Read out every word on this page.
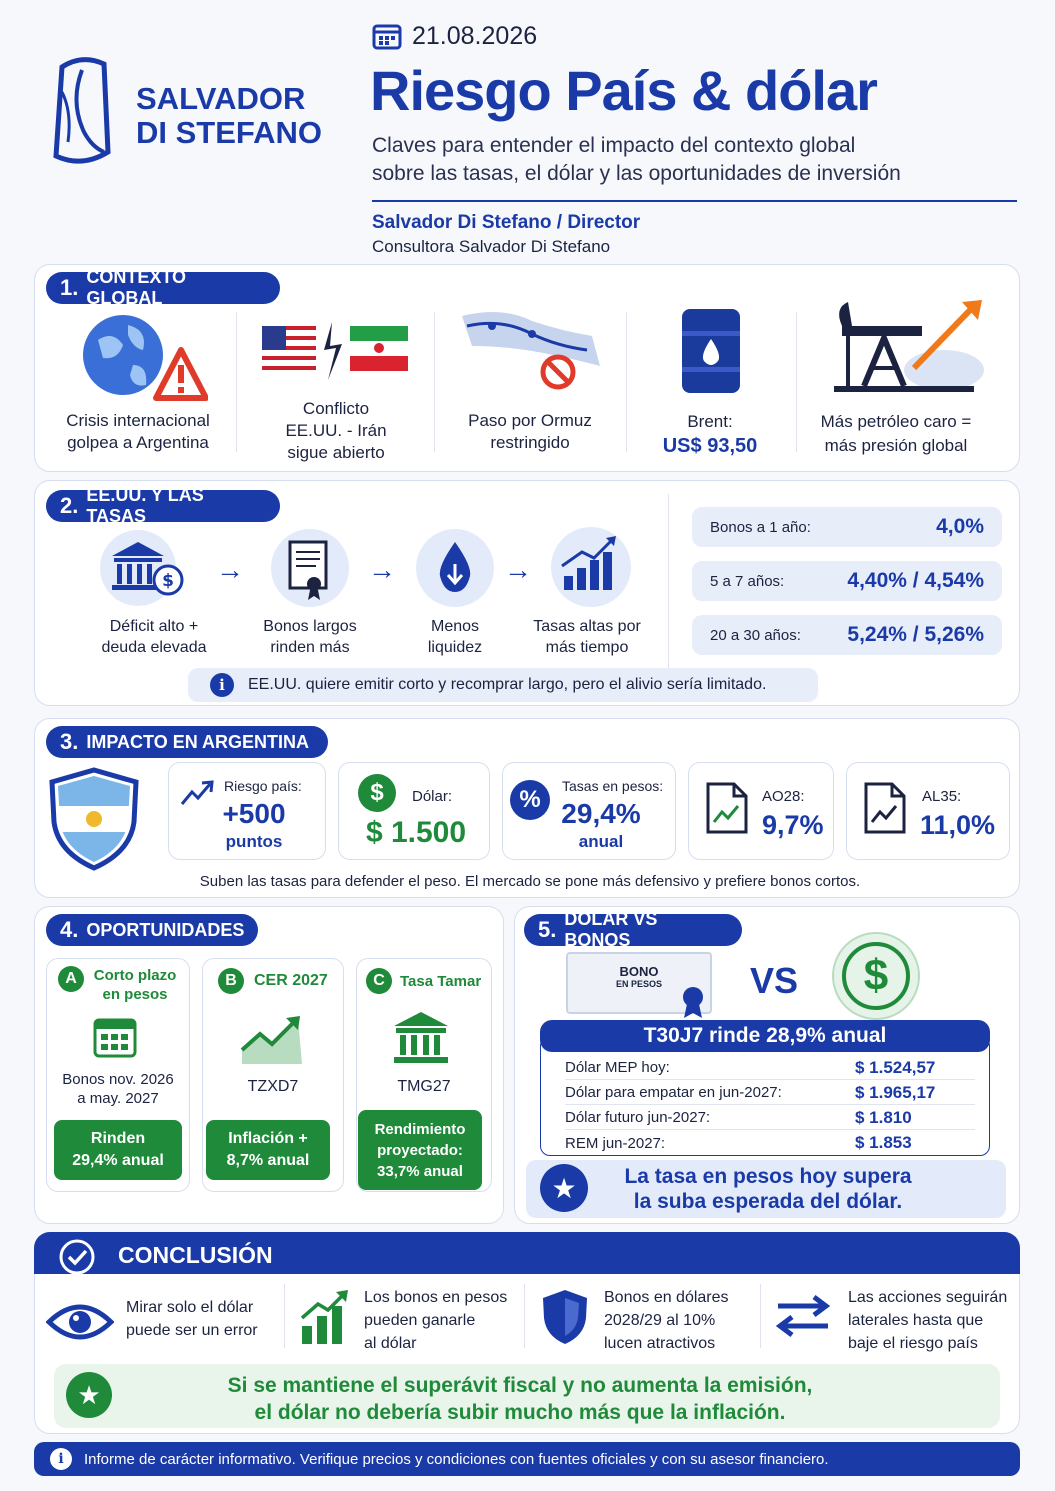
SALVADOR
DI STEFANO
21.08.2026
Riesgo País & dólar
Claves para entender el impacto del contexto global
sobre las tasas, el dólar y las oportunidades de inversión
Salvador Di Stefano / Director
Consultora Salvador Di Stefano
1. CONTEXTO GLOBAL
Crisis internacional
golpea a Argentina
Conflicto
EE.UU. - Irán
sigue abierto
Paso por Ormuz
restringido
Brent:
US$ 93,50
Más petróleo caro =
más presión global
2. EE.UU. Y LAS TASAS
$
Déficit alto +
deuda elevada
→
Bonos largos
rinden más
→
Menos
liquidez
→
Tasas altas por
más tiempo
Bonos a 1 año:	4,0%
5 a 7 años:	4,40% / 4,54%
20 a 30 años: 5,24% / 5,26%
i	EE.UU. quiere emitir corto y recomprar largo, pero el alivio sería limitado.
3. IMPACTO EN ARGENTINA
Riesgo país:
+500
puntos
$	Dólar:
$ 1.500
%	Tasas en pesos:
29,4%
anual
AO28:
9,7%
AL35:
11,0%
Suben las tasas para defender el peso. El mercado se pone más defensivo y prefiere bonos cortos.
4. OPORTUNIDADES
A	Corto plazo
en pesos
Bonos nov. 2026
a may. 2027
Rinden
29,4% anual
B	CER 2027
TZXD7
Inflación +
8,7% anual
C	Tasa Tamar
TMG27
Rendimiento
proyectado:
33,7% anual
5. DÓLAR VS BONOS
BONO
EN PESOS	VS	$
T30J7 rinde 28,9% anual
Dólar MEP hoy:	$ 1.524,57
Dólar para empatar en jun-2027:	$ 1.965,17
Dólar futuro jun-2027:	$ 1.810
REM jun-2027:	$ 1.853
★	La tasa en pesos hoy supera
la suba esperada del dólar.
CONCLUSIÓN
Mirar solo el dólar
puede ser un error
Los bonos en pesos
pueden ganarle
al dólar
Bonos en dólares
2028/29 al 10%
lucen atractivos
Las acciones seguirán
laterales hasta que
baje el riesgo país
★	Si se mantiene el superávit fiscal y no aumenta la emisión,
el dólar no debería subir mucho más que la inflación.
i	Informe de carácter informativo. Verifique precios y condiciones con fuentes oficiales y con su asesor financiero.
